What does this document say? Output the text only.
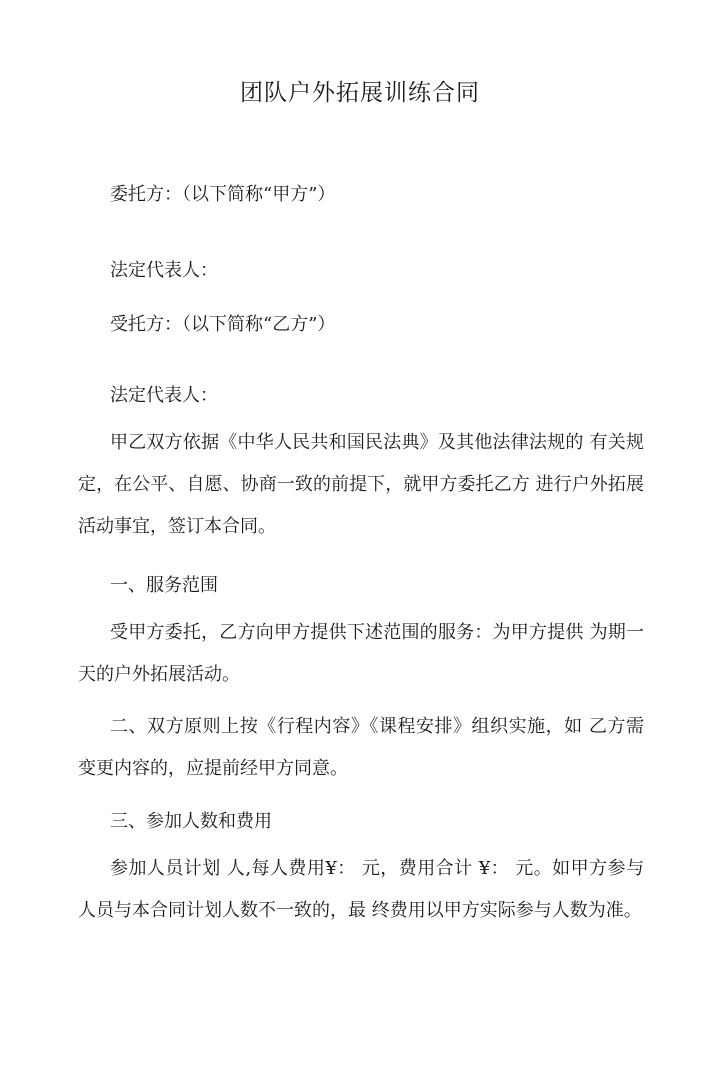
团队户外拓展训练合同
委托方：（以下简称“甲方”）
法定代表人：
受托方：（以下简称“乙方”）
法定代表人：
甲乙双方依据《中华人民共和国民法典》及其他法律法规的 有关规定，在公平、自愿、协商一致的前提下，就甲方委托乙方 进行户外拓展活动事宜，签订本合同。
一、服务范围
受甲方委托，乙方向甲方提供下述范围的服务：为甲方提供 为期一天的户外拓展活动。
二、双方原则上按《行程内容》《课程安排》组织实施，如 乙方需变更内容的，应提前经甲方同意。
三、参加人数和费用
参加人员计划 人,每人费用¥： 元，费用合计 ¥： 元。如甲方参与人员与本合同计划人数不一致的，最 终费用以甲方实际参与人数为准。
